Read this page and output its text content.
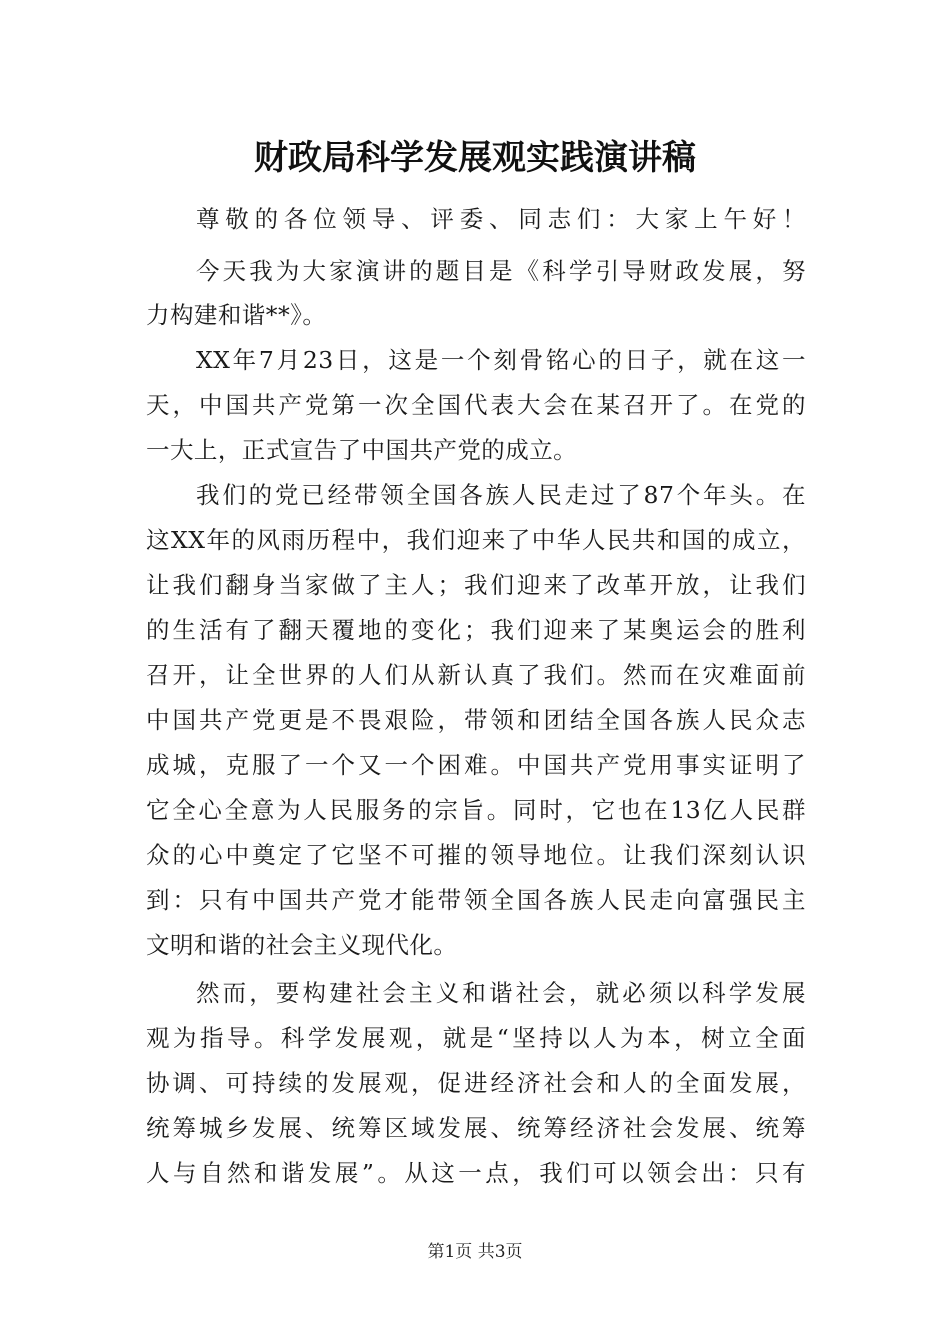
财政局科学发展观实践演讲稿
尊敬的各位领导、评委、同志们：大家上午好！
今天我为大家演讲的题目是《科学引导财政发展，努
力构建和谐**》。
XX年7月23日，这是一个刻骨铭心的日子，就在这一
天，中国共产党第一次全国代表大会在某召开了。在党的
一大上，正式宣告了中国共产党的成立。
我们的党已经带领全国各族人民走过了87个年头。在
这XX年的风雨历程中，我们迎来了中华人民共和国的成立，
让我们翻身当家做了主人；我们迎来了改革开放，让我们
的生活有了翻天覆地的变化；我们迎来了某奥运会的胜利
召开，让全世界的人们从新认真了我们。然而在灾难面前
中国共产党更是不畏艰险，带领和团结全国各族人民众志
成城，克服了一个又一个困难。中国共产党用事实证明了
它全心全意为人民服务的宗旨。同时，它也在13亿人民群
众的心中奠定了它坚不可摧的领导地位。让我们深刻认识
到：只有中国共产党才能带领全国各族人民走向富强民主
文明和谐的社会主义现代化。
然而，要构建社会主义和谐社会，就必须以科学发展
观为指导。科学发展观，就是“坚持以人为本，树立全面
协调、可持续的发展观，促进经济社会和人的全面发展，
统筹城乡发展、统筹区域发展、统筹经济社会发展、统筹
人与自然和谐发展”。从这一点，我们可以领会出：只有
第1页 共3页
